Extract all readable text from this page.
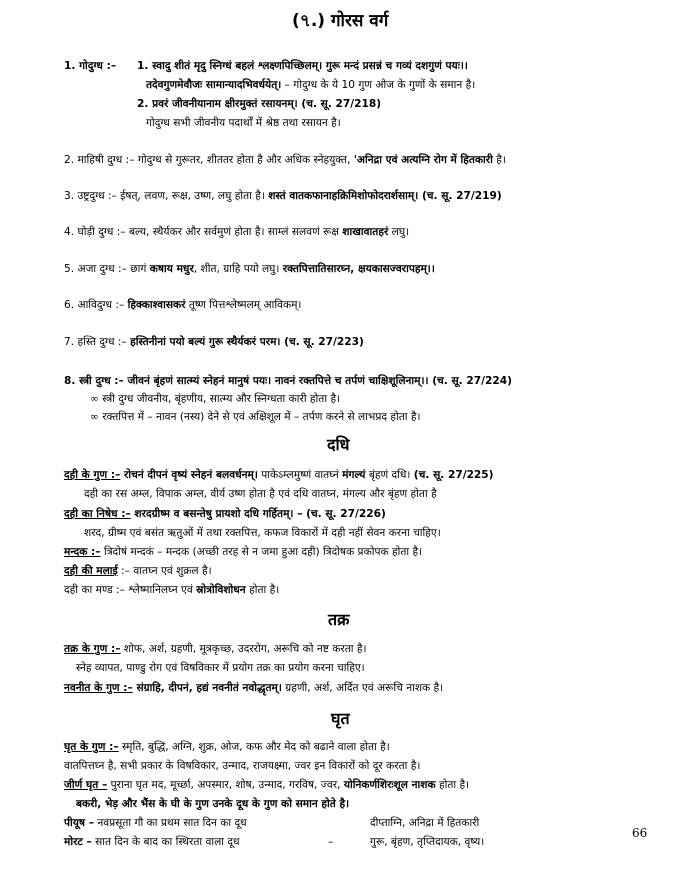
(৭.) गोरस वर्ग
1. गोदुग्ध :– 1. स्वादु शीतं मृदु स्निग्धं बहलं श्लक्ष्णपिच्छिलम्। गुरू मन्दं प्रसन्नं च गव्यं दशगुणं पयः।।
तदेवगुणमेवौजः सामान्यादभिवर्धयेत्। – गोदुग्ध के ये 10 गुण ओज के गुणों के समान है।
2. प्रवरं जीवनीयानाम क्षीरमुक्तं रसायनम्। (च. सू. 27/218)
गोदुग्ध सभी जीवनीय पदार्थों में श्रेष्ठ तथा रसायन है।
2. माहिषी दुग्ध :– गोदुग्ध से गुरूतर, शीततर होता है और अधिक स्नेहयुक्त, 'अनिद्रा एवं अत्यग्नि रोग में हितकारी है।
3. उष्ट्रदुग्ध :– ईषत्, लवण, रूक्ष, उष्ण, लघु होता है। शस्तं वातकफानाहक्रिमिशोफोदरार्शसाम्। (च. सू. 27/219)
4. घोड़ी दुग्ध :– बल्य, स्थैर्यकर और सर्वमुणं होता है। साम्लं सलवणं रूक्ष शाखावातहरं लघु।
5. अजा दुग्ध :– छागं कषाय मधुर, शीत, ग्राहि पयो लघु। रक्तपित्तातिसारघ्न, क्षयकासज्वरापहम्।।
6. आविदुग्ध :– हिक्काश्वासकरं तूष्ण पित्तश्लेष्मलम् आविकम्।
7. हस्ति दुग्ध :– हस्तिनीनां पयो बल्यं गुरू स्थैर्यकरं परम। (च. सू. 27/223)
8. स्त्री दुग्ध :– जीवनं बृंहणं सात्म्यं स्नेहनं मानुषं पयः। नावनं रक्तपित्ते च तर्पणं चाक्षिशूलिनाम्।। (च. सू. 27/224)
∞ स्त्री दुग्ध जीवनीय, बृंहणीय, सात्म्य और स्निग्धता कारी होता है।
∞ रक्तपित्त में – नावन (नस्य) देने से एवं अक्षिशूल में – तर्पण करने से लाभप्रद होता है।
दधि
दही के गुण :– रोचनं दीपनं वृष्यं स्नेहनं बलवर्धनम्। पाकेऽम्लमुष्णं वातघ्नं मंगल्यं बृंहणं दधि। (च. सू. 27/225)
दही का रस अम्ल, विपाक अम्ल, वीर्य उष्ण होता है एवं दधि वातघ्न, मंगल्य और बृंहण होता है
दही का निषेध :– शरदग्रीष्म व बसन्तेषु प्रायशो दधि गर्हितम्। – (च. सू. 27/226)
शरद, ग्रीष्म एवं बसंत ऋतुओं में तथा रक्तपित्त, कफज विकारों में दही नहीं सेवन करना चाहिए।
मन्दक :– त्रिदोषं मन्दकं – मन्दक (अच्छी तरह से न जमा हुआ दही) त्रिदोषक प्रकोपक होता है।
दही की मलाई :– वातघ्न एवं शुक्रल है।
दही का मण्ड :– श्लेष्मानिलघ्न एवं स्रोत्रोविशोधन होता है।
तक्र
तक्र के गुण :– शोफ, अर्श, ग्रहणी, मूत्रकृच्छ, उदररोग, अरूचि को नष्ट करता है।
स्नेह व्यापत, पाण्डु रोग एवं विषविकार में प्रयोग तक्र का प्रयोग करना चाहिए।
नवनीत के गुण :– संग्राहि, दीपनं, हद्यं नवनीतं नवोद्धृतम्। ग्रहणी, अर्श, अर्दित एवं अरूचि नाशक है।
घृत
घृत के गुण :– स्मृति, बुद्धि, अग्नि, शुक्र, ओज, कफ और मेद को बढाने वाला होता है।
वातपित्तघ्न है, सभी प्रकार के विषविकार, उन्माद, राजयक्ष्मा, ज्वर इन विकारों को दूर करता है।
जीर्ण घृत – पुराना घृत मद, मूर्च्छा, अपस्मार, शोष, उन्माद, गरविष, ज्वर, योनिकर्णशिरःशूल नाशक होता है।
बकरी, भेड़ और भैंस के घी के गुण उनके दूध के गुण को समान होते है।
पीयूष – नवप्रसूता गौ का प्रथम सात दिन का दूध	दीप्ताग्नि, अनिद्रा में हितकारी
मोरट – सात दिन के बाद का स्थिरता वाला दूध	–	गुरू, बृंहण, तृप्तिदायक, वृष्य।
66
